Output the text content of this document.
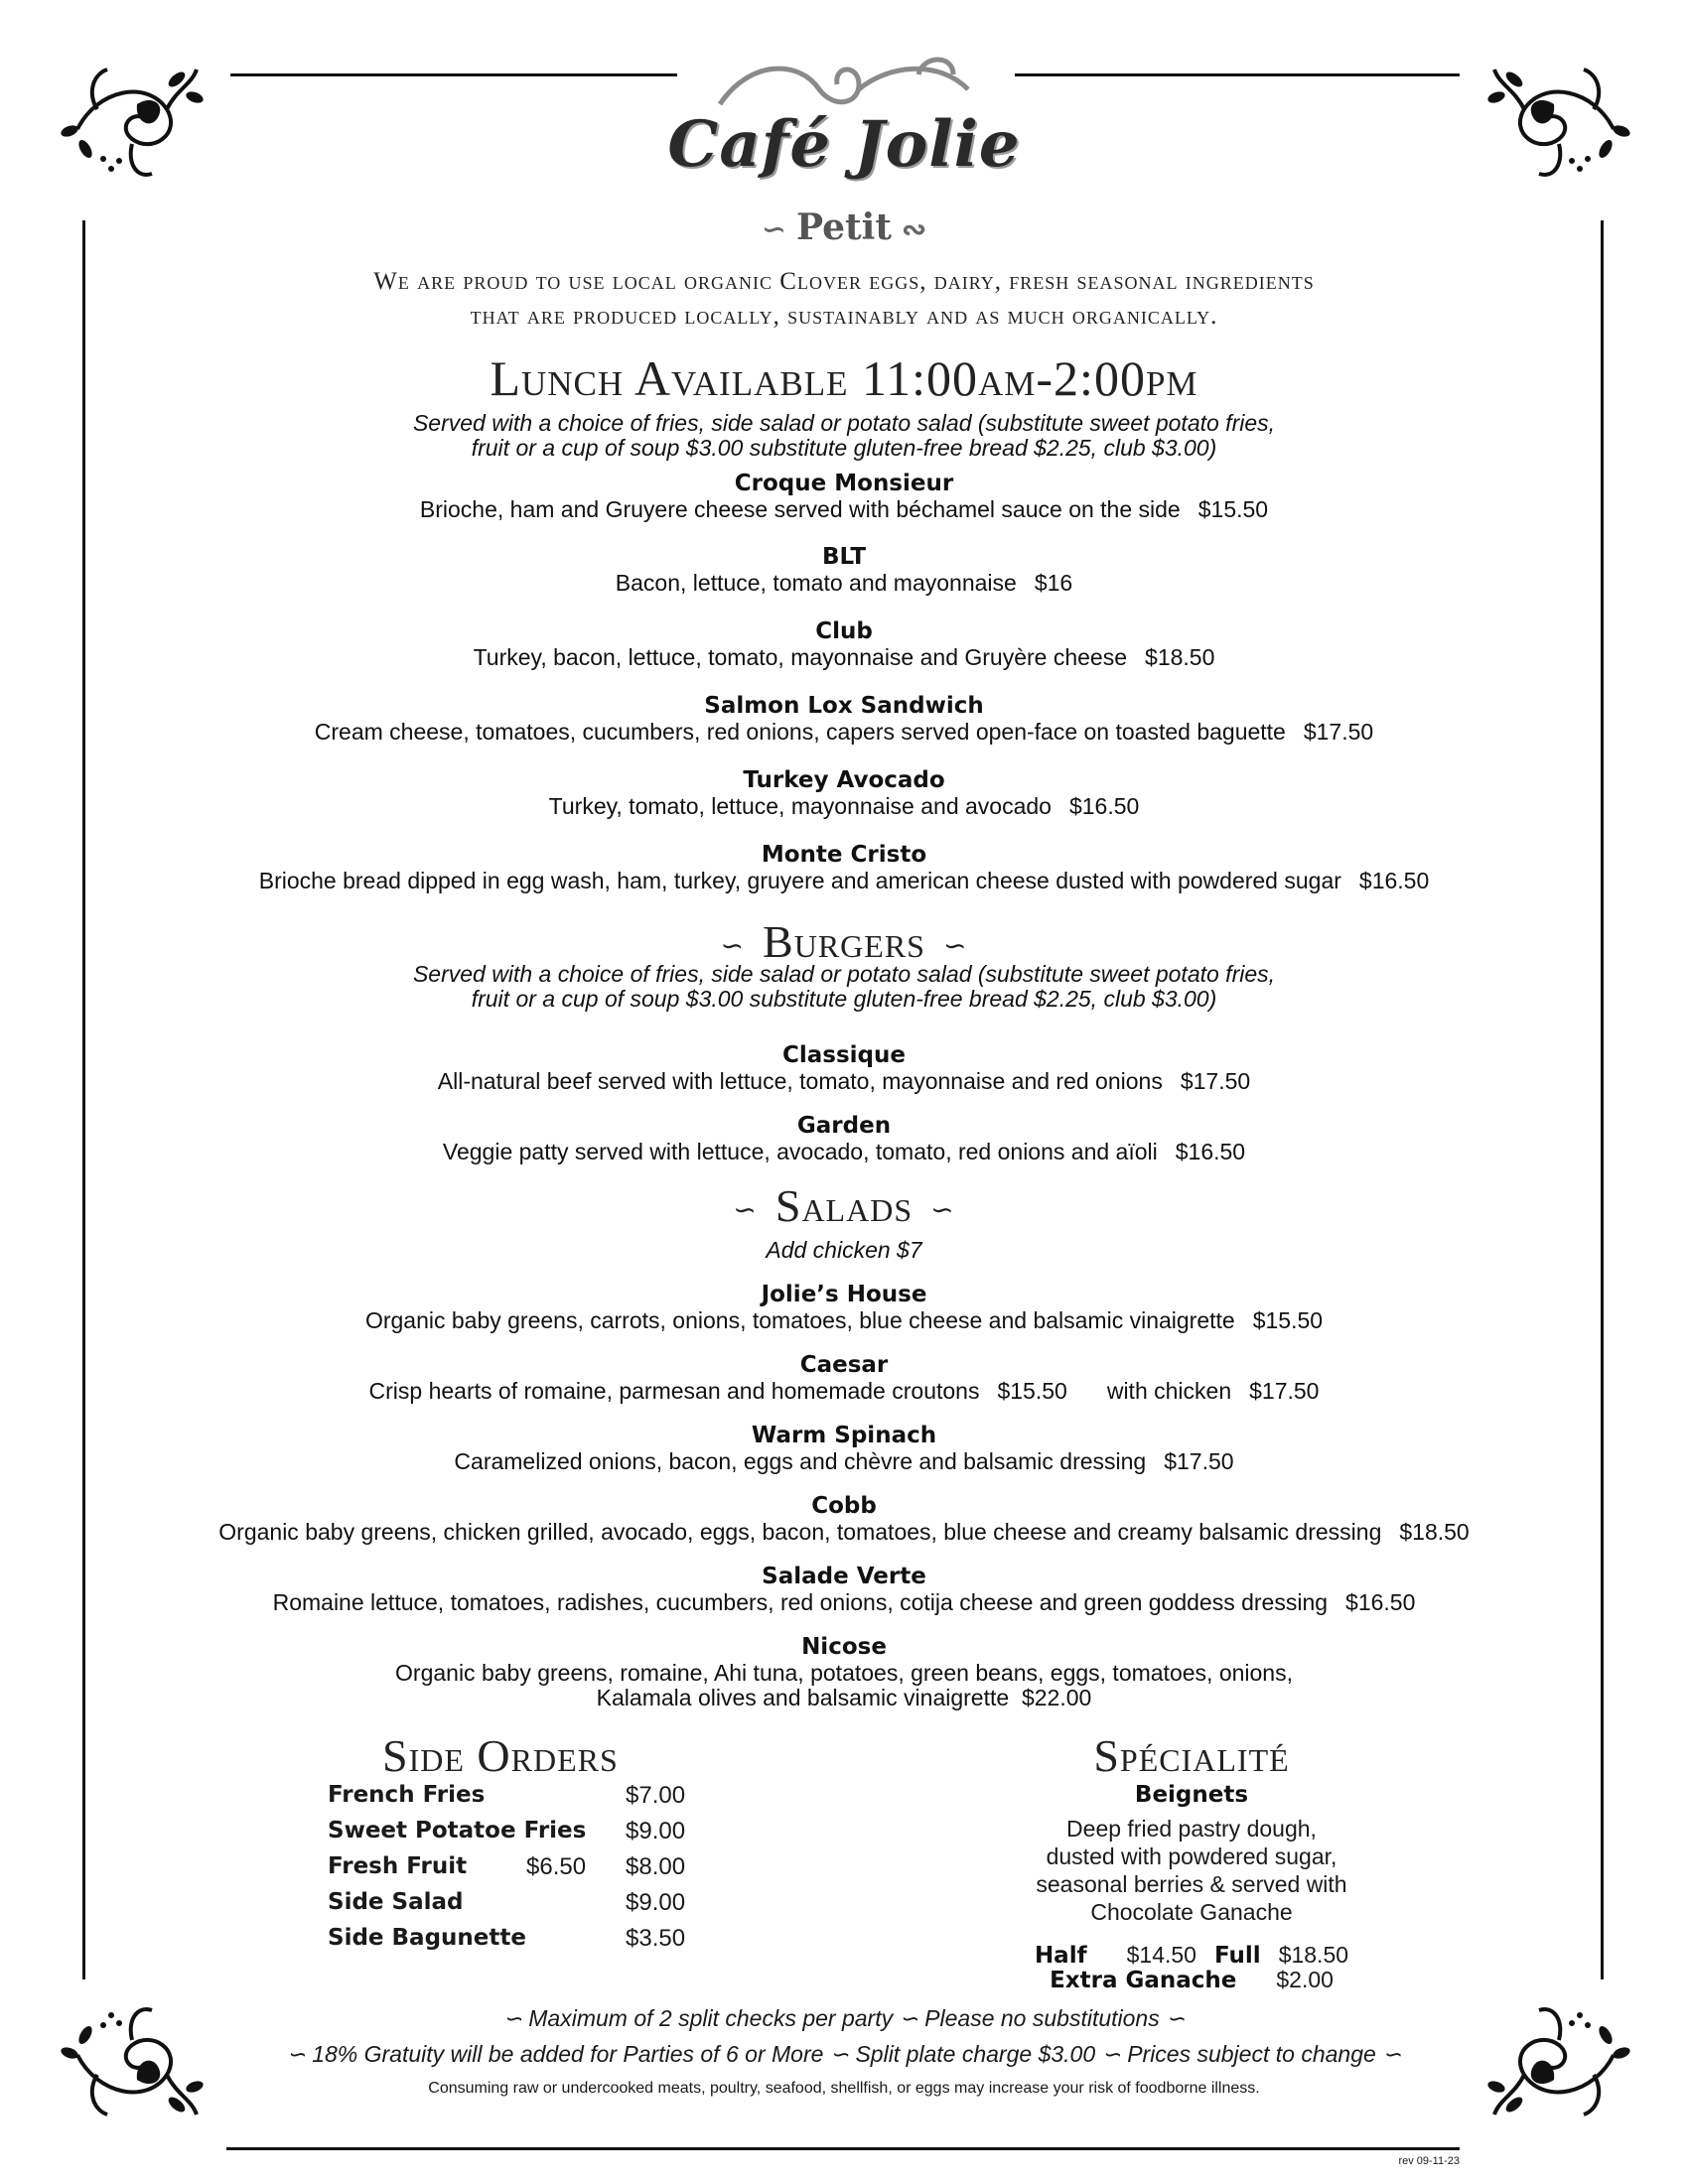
Café Jolie
∽ Petit ∾
We are proud to use local organic Clover eggs, dairy, fresh seasonal ingredients
that are produced locally, sustainably and as much organically.
Lunch Available 11:00am-2:00pm
Served with a choice of fries, side salad or potato salad (substitute sweet potato fries,
fruit or a cup of soup $3.00 substitute gluten-free bread $2.25, club $3.00)
Croque Monsieur
Brioche, ham and Gruyere cheese served with béchamel sauce on the side $15.50
BLT
Bacon, lettuce, tomato and mayonnaise $16
Club
Turkey, bacon, lettuce, tomato, mayonnaise and Gruyère cheese $18.50
Salmon Lox Sandwich
Cream cheese, tomatoes, cucumbers, red onions, capers served open-face on toasted baguette $17.50
Turkey Avocado
Turkey, tomato, lettuce, mayonnaise and avocado $16.50
Monte Cristo
Brioche bread dipped in egg wash, ham, turkey, gruyere and american cheese dusted with powdered sugar $16.50
∽ Burgers ∽
Served with a choice of fries, side salad or potato salad (substitute sweet potato fries,
fruit or a cup of soup $3.00 substitute gluten-free bread $2.25, club $3.00)
Classique
All-natural beef served with lettuce, tomato, mayonnaise and red onions $17.50
Garden
Veggie patty served with lettuce, avocado, tomato, red onions and aïoli $16.50
∽ Salads ∽
Add chicken $7
Jolie’s House
Organic baby greens, carrots, onions, tomatoes, blue cheese and balsamic vinaigrette $15.50
Caesar
Crisp hearts of romaine, parmesan and homemade croutons $15.50 with chicken $17.50
Warm Spinach
Caramelized onions, bacon, eggs and chèvre and balsamic dressing $17.50
Cobb
Organic baby greens, chicken grilled, avocado, eggs, bacon, tomatoes, blue cheese and creamy balsamic dressing $18.50
Salade Verte
Romaine lettuce, tomatoes, radishes, cucumbers, red onions, cotija cheese and green goddess dressing $16.50
Nicose
Organic baby greens, romaine, Ahi tuna, potatoes, green beans, eggs, tomatoes, onions,
Kalamala olives and balsamic vinaigrette $22.00
Side Orders
French Fries	$7.00
Sweet Potatoe Fries $9.00
Fresh Fruit $6.50 $8.00
Side Salad	$9.00
Side Bagunette	$3.50
Spécialité
Beignets
Deep fried pastry dough,
dusted with powdered sugar,
seasonal berries & served with
Chocolate Ganache
Half $14.50 Full $18.50
Extra Ganache $2.00
∽ Maximum of 2 split checks per party ∽ Please no substitutions ∽
∽ 18% Gratuity will be added for Parties of 6 or More ∽ Split plate charge $3.00 ∽ Prices subject to change ∽
Consuming raw or undercooked meats, poultry, seafood, shellfish, or eggs may increase your risk of foodborne illness.
rev 09-11-23
